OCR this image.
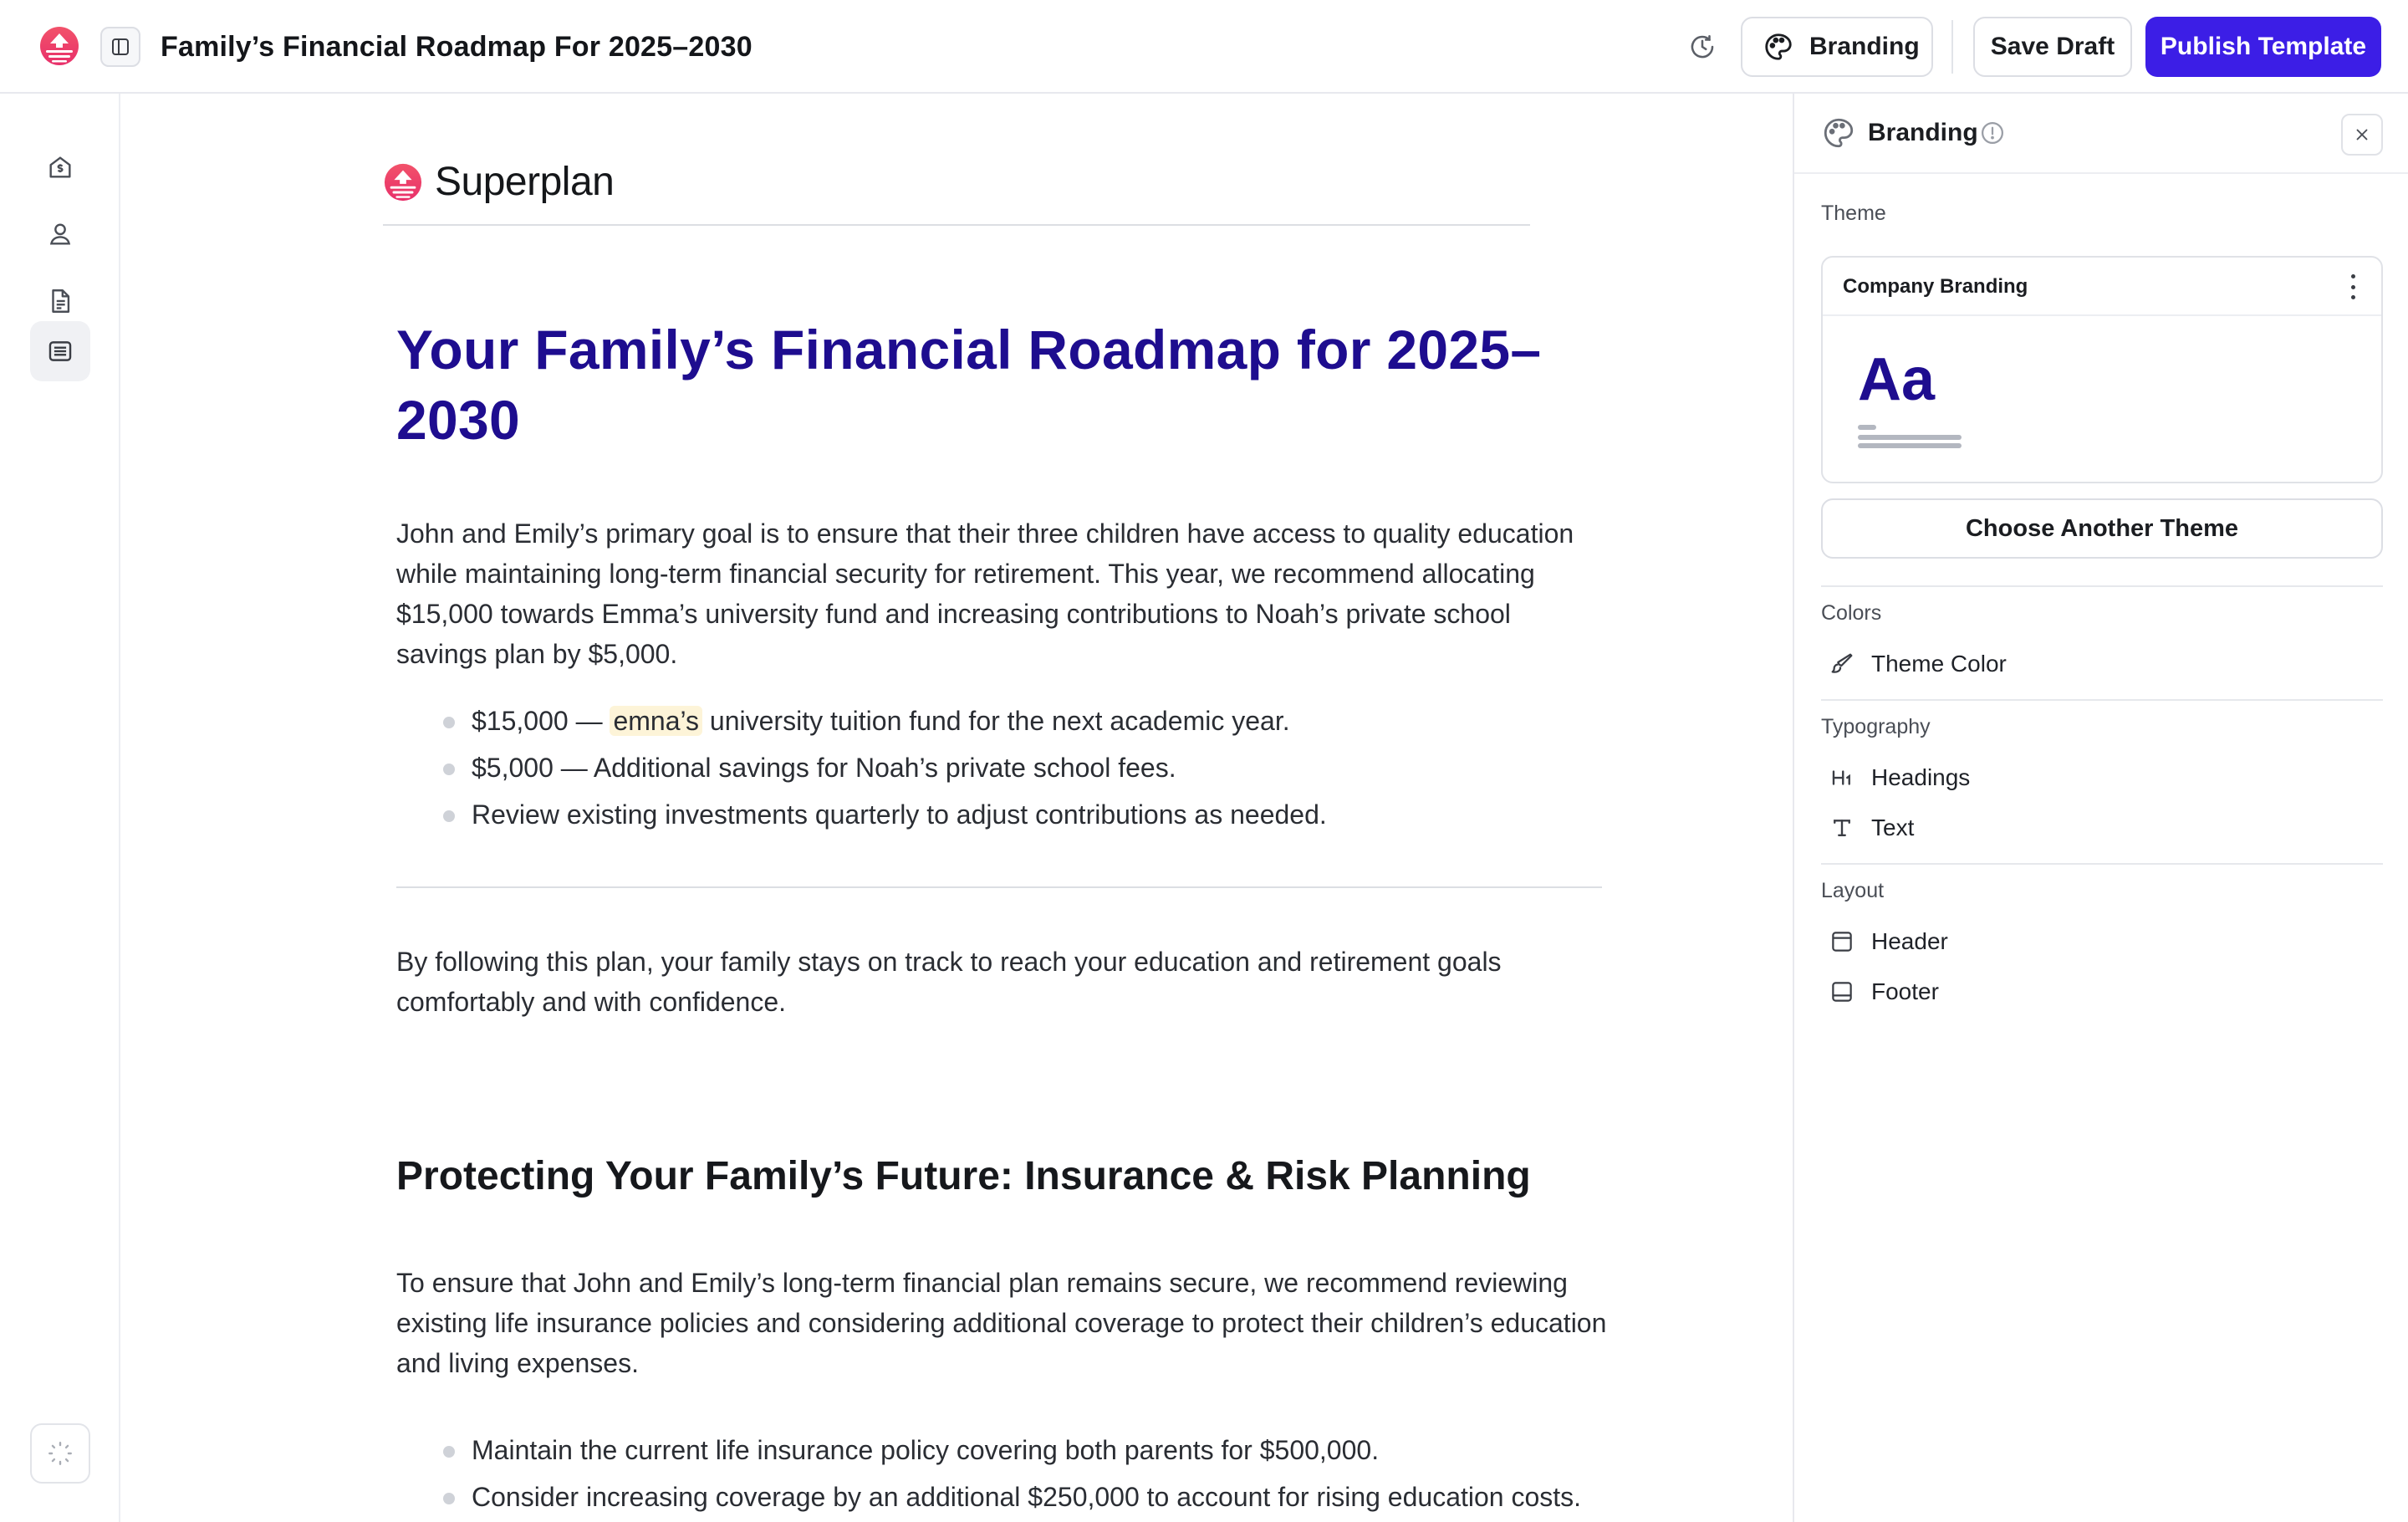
Family’s Financial Roadmap For 2025–2030	Branding	Save Draft	Publish Template
Superplan
Your Family’s Financial Roadmap for 2025–2030

John and Emily’s primary goal is to ensure that their three children have access to quality education while maintaining long-term financial security for retirement. This year, we recommend allocating $15,000 towards Emma’s university fund and increasing contributions to Noah’s private school savings plan by $5,000.

$15,000 — emna’s university tuition fund for the next academic year.
$5,000 — Additional savings for Noah’s private school fees.
Review existing investments quarterly to adjust contributions as needed.

By following this plan, your family stays on track to reach your education and retirement goals comfortably and with confidence.

Protecting Your Family’s Future: Insurance & Risk Planning

To ensure that John and Emily’s long-term financial plan remains secure, we recommend reviewing existing life insurance policies and considering additional coverage to protect their children’s education and living expenses.

Maintain the current life insurance policy covering both parents for $500,000.
Consider increasing coverage by an additional $250,000 to account for rising education costs.
Branding
Theme
Company Branding
Aa
Choose Another Theme
Colors
Theme Color
Typography
Headings
Text
Layout
Header
Footer
